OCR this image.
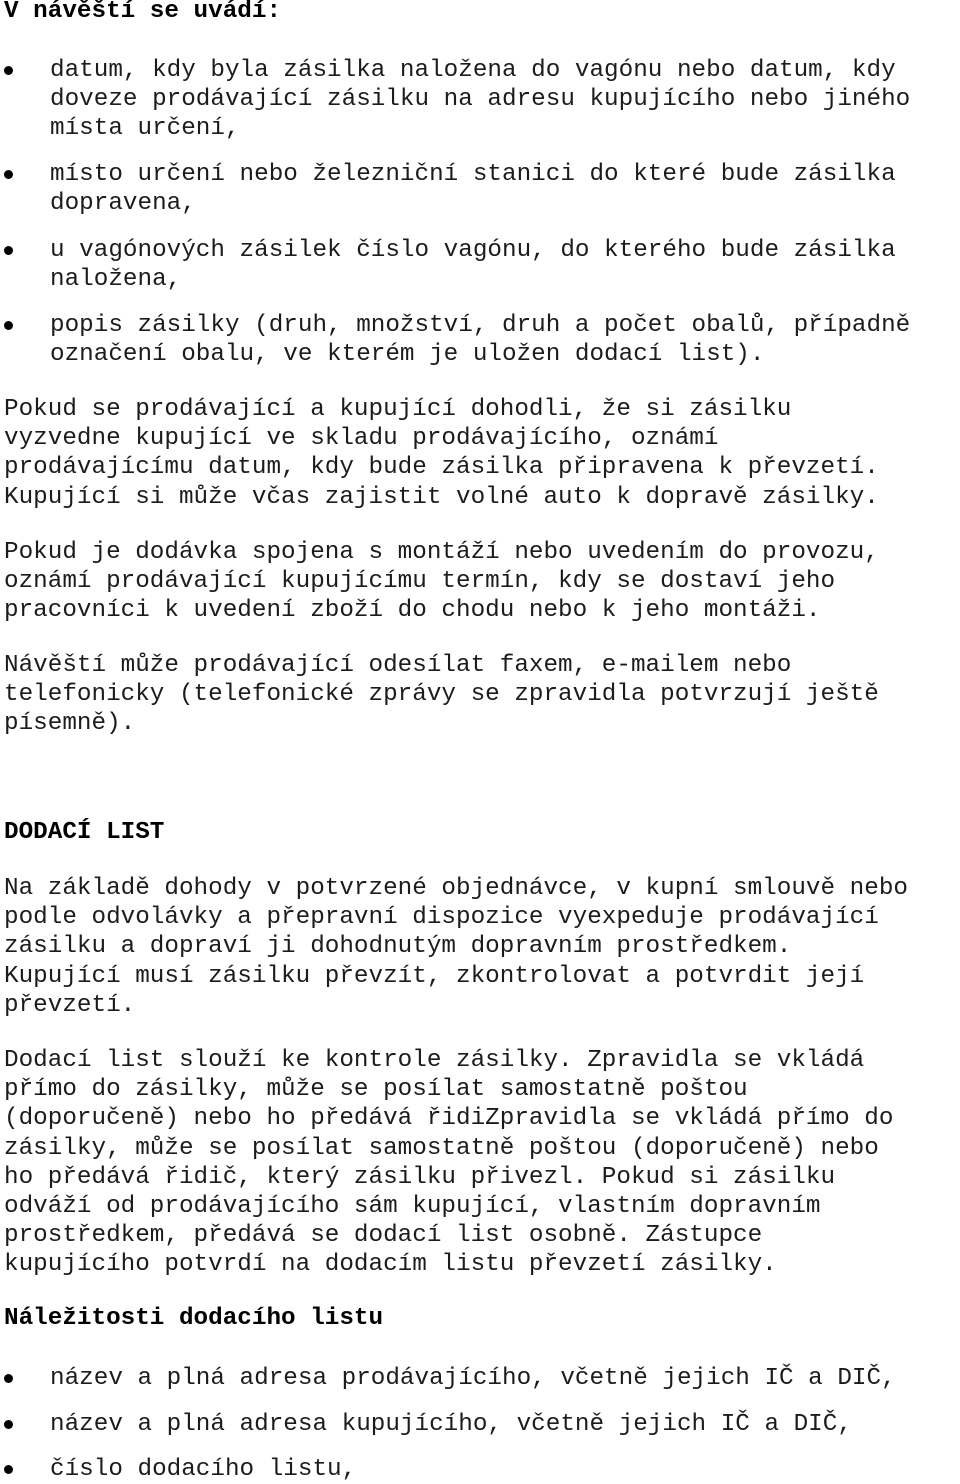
V návěští se uvádí:
datum, kdy byla zásilka naložena do vagónu nebo datum, kdy
doveze prodávající zásilku na adresu kupujícího nebo jiného
místa určení,
místo určení nebo železniční stanici do které bude zásilka
dopravena,
u vagónových zásilek číslo vagónu, do kterého bude zásilka
naložena,
popis zásilky (druh, množství, druh a počet obalů, případně
označení obalu, ve kterém je uložen dodací list).
Pokud se prodávající a kupující dohodli, že si zásilku
vyzvedne kupující ve skladu prodávajícího, oznámí
prodávajícímu datum, kdy bude zásilka připravena k převzetí.
Kupující si může včas zajistit volné auto k dopravě zásilky.
Pokud je dodávka spojena s montáží nebo uvedením do provozu,
oznámí prodávající kupujícímu termín, kdy se dostaví jeho
pracovníci k uvedení zboží do chodu nebo k jeho montáži.
Návěští může prodávající odesílat faxem, e-mailem nebo
telefonicky (telefonické zprávy se zpravidla potvrzují ještě
písemně).
DODACÍ LIST
Na základě dohody v potvrzené objednávce, v kupní smlouvě nebo
podle odvolávky a přepravní dispozice vyexpeduje prodávající
zásilku a dopraví ji dohodnutým dopravním prostředkem.
Kupující musí zásilku převzít, zkontrolovat a potvrdit její
převzetí.
Dodací list slouží ke kontrole zásilky. Zpravidla se vkládá
přímo do zásilky, může se posílat samostatně poštou
(doporučeně) nebo ho předává řidiZpravidla se vkládá přímo do
zásilky, může se posílat samostatně poštou (doporučeně) nebo
ho předává řidič, který zásilku přivezl. Pokud si zásilku
odváží od prodávajícího sám kupující, vlastním dopravním
prostředkem, předává se dodací list osobně. Zástupce
kupujícího potvrdí na dodacím listu převzetí zásilky.
Náležitosti dodacího listu
název a plná adresa prodávajícího, včetně jejich IČ a DIČ,
název a plná adresa kupujícího, včetně jejich IČ a DIČ,
číslo dodacího listu,
